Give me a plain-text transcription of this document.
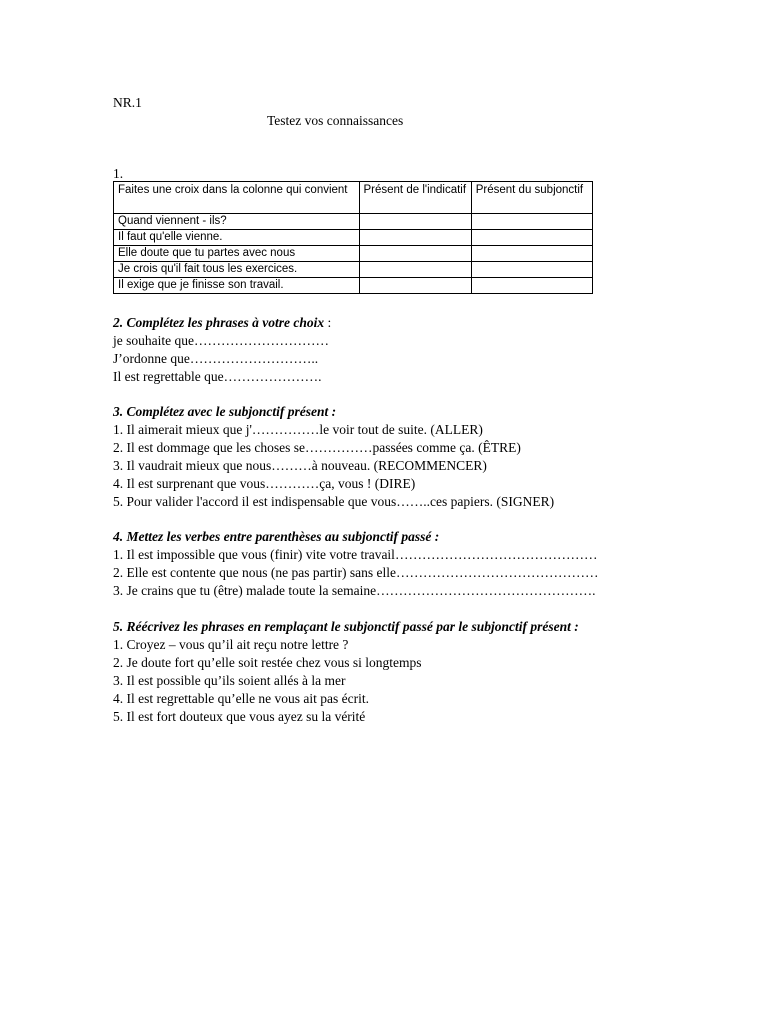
NR.1
Testez vos connaissances
1.
Faites une croix dans la colonne qui convient	Présent de l'indicatif	Présent du subjonctif
Quand viennent - ils?		
Il faut qu'elle vienne.		
Elle doute que tu partes avec nous		
Je crois qu'il fait tous les exercices.		
Il exige que je finisse son travail.		
2. Complétez les phrases à votre choix :
je souhaite que…………………………
J’ordonne que………………………..
Il est regrettable que………………….
3. Complétez avec le subjonctif présent :
1. Il aimerait mieux que j'……………le voir tout de suite. (ALLER)
2. Il est dommage que les choses se……………passées comme ça. (ÊTRE)
3. Il vaudrait mieux que nous………à nouveau. (RECOMMENCER)
4. Il est surprenant que vous…………ça, vous ! (DIRE)
5. Pour valider l'accord il est indispensable que vous……..ces papiers. (SIGNER)
4. Mettez les verbes entre parenthèses au subjonctif passé :
1. Il est impossible que vous (finir) vite votre travail………………………………………
2. Elle est contente que nous (ne pas partir) sans elle………………………………………
3. Je crains que tu (être) malade toute la semaine………………………………………….
5. Réécrivez les phrases en remplaçant le subjonctif passé par le subjonctif présent :
1. Croyez – vous qu’il ait reçu notre lettre ?
2. Je doute fort qu’elle soit restée chez vous si longtemps
3. Il est possible qu’ils soient allés à la mer
4. Il est regrettable qu’elle ne vous ait pas écrit.
5. Il est fort douteux que vous ayez su la vérité
